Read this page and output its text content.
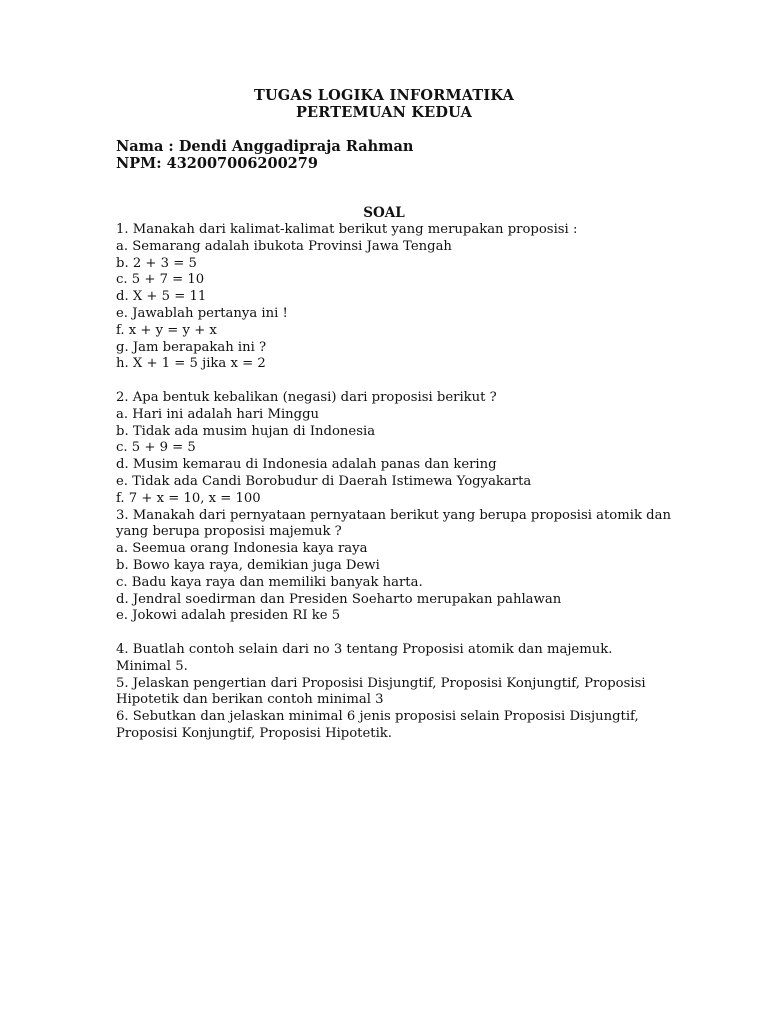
TUGAS LOGIKA INFORMATIKA
PERTEMUAN KEDUA
Nama : Dendi Anggadipraja Rahman
NPM: 432007006200279
SOAL
1. Manakah dari kalimat-kalimat berikut yang merupakan proposisi :
a. Semarang adalah ibukota Provinsi Jawa Tengah
b. 2 + 3 = 5
c. 5 + 7 = 10
d. X + 5 = 11
e. Jawablah pertanya ini !
f. x + y = y + x
g. Jam berapakah ini ?
h. X + 1 = 5 jika x = 2
2. Apa bentuk kebalikan (negasi) dari proposisi berikut ?
a. Hari ini adalah hari Minggu
b. Tidak ada musim hujan di Indonesia
c. 5 + 9 = 5
d. Musim kemarau di Indonesia adalah panas dan kering
e. Tidak ada Candi Borobudur di Daerah Istimewa Yogyakarta
f. 7 + x = 10, x = 100
3. Manakah dari pernyataan pernyataan berikut yang berupa proposisi atomik dan
yang berupa proposisi majemuk ?
a. Seemua orang Indonesia kaya raya
b. Bowo kaya raya, demikian juga Dewi
c. Badu kaya raya dan memiliki banyak harta.
d. Jendral soedirman dan Presiden Soeharto merupakan pahlawan
e. Jokowi adalah presiden RI ke 5
4. Buatlah contoh selain dari no 3 tentang Proposisi atomik dan majemuk.
Minimal 5.
5. Jelaskan pengertian dari Proposisi Disjungtif, Proposisi Konjungtif, Proposisi
Hipotetik dan berikan contoh minimal 3
6. Sebutkan dan jelaskan minimal 6 jenis proposisi selain Proposisi Disjungtif,
Proposisi Konjungtif, Proposisi Hipotetik.
